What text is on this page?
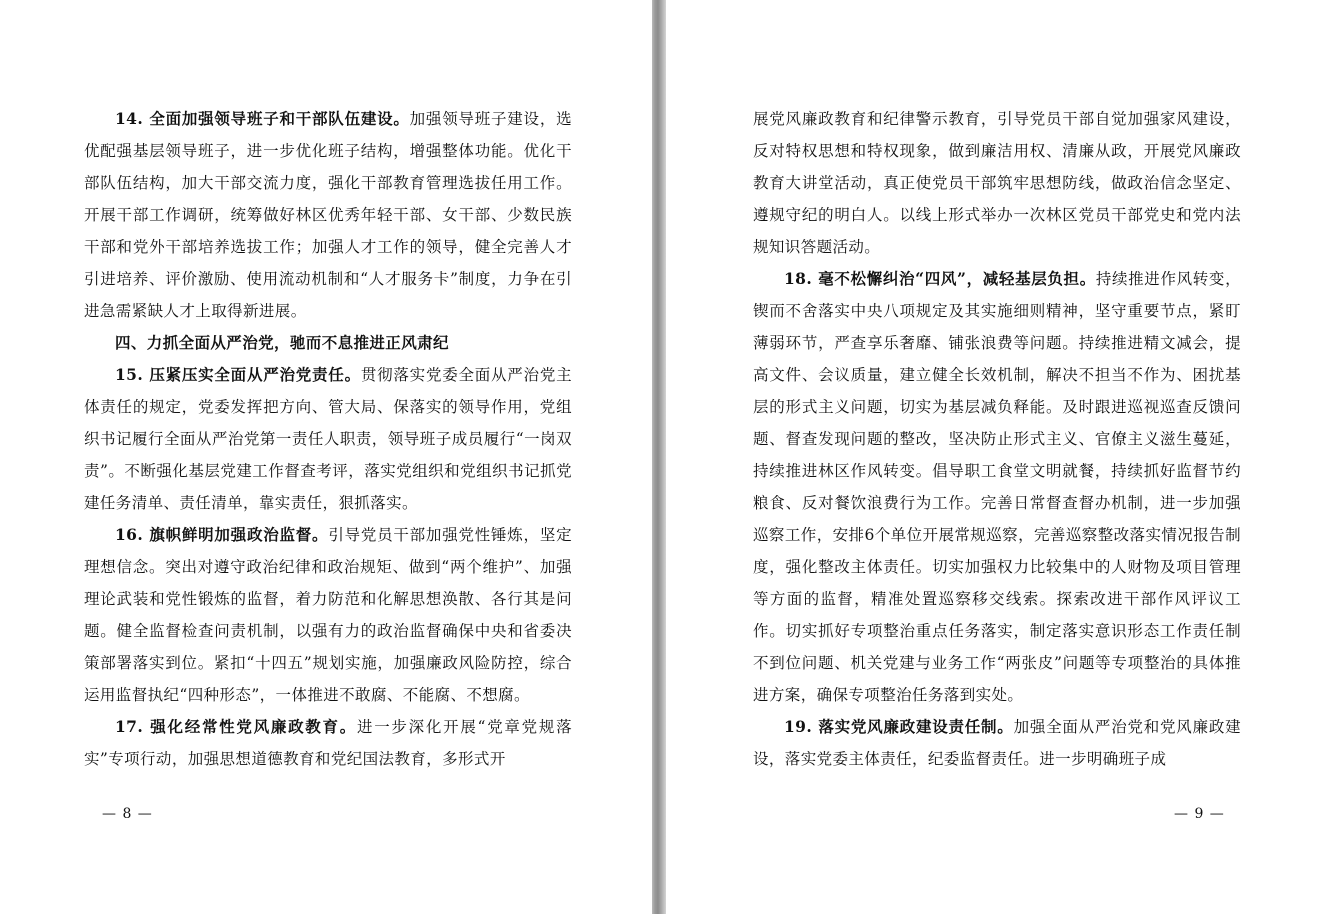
14. 全面加强领导班子和干部队伍建设。加强领导班子建设，选优配强基层领导班子，进一步优化班子结构，增强整体功能。优化干部队伍结构，加大干部交流力度，强化干部教育管理选拔任用工作。开展干部工作调研，统筹做好林区优秀年轻干部、女干部、少数民族干部和党外干部培养选拔工作；加强人才工作的领导，健全完善人才引进培养、评价激励、使用流动机制和“人才服务卡”制度，力争在引进急需紧缺人才上取得新进展。

四、力抓全面从严治党，驰而不息推进正风肃纪

15. 压紧压实全面从严治党责任。贯彻落实党委全面从严治党主体责任的规定，党委发挥把方向、管大局、保落实的领导作用，党组织书记履行全面从严治党第一责任人职责，领导班子成员履行“一岗双责”。不断强化基层党建工作督查考评，落实党组织和党组织书记抓党建任务清单、责任清单，靠实责任，狠抓落实。

16. 旗帜鲜明加强政治监督。引导党员干部加强党性锤炼，坚定理想信念。突出对遵守政治纪律和政治规矩、做到“两个维护”、加强理论武装和党性锻炼的监督，着力防范和化解思想涣散、各行其是问题。健全监督检查问责机制，以强有力的政治监督确保中央和省委决策部署落实到位。紧扣“十四五”规划实施，加强廉政风险防控，综合运用监督执纪“四种形态”，一体推进不敢腐、不能腐、不想腐。

17. 强化经常性党风廉政教育。进一步深化开展“党章党规落实”专项行动，加强思想道德教育和党纪国法教育，多形式开

— 8 —

展党风廉政教育和纪律警示教育，引导党员干部自觉加强家风建设，反对特权思想和特权现象，做到廉洁用权、清廉从政，开展党风廉政教育大讲堂活动，真正使党员干部筑牢思想防线，做政治信念坚定、遵规守纪的明白人。以线上形式举办一次林区党员干部党史和党内法规知识答题活动。

18. 毫不松懈纠治“四风”，减轻基层负担。持续推进作风转变，锲而不舍落实中央八项规定及其实施细则精神，坚守重要节点，紧盯薄弱环节，严查享乐奢靡、铺张浪费等问题。持续推进精文减会，提高文件、会议质量，建立健全长效机制，解决不担当不作为、困扰基层的形式主义问题，切实为基层减负释能。及时跟进巡视巡查反馈问题、督查发现问题的整改，坚决防止形式主义、官僚主义滋生蔓延，持续推进林区作风转变。倡导职工食堂文明就餐，持续抓好监督节约粮食、反对餐饮浪费行为工作。完善日常督查督办机制，进一步加强巡察工作，安排6个单位开展常规巡察，完善巡察整改落实情况报告制度，强化整改主体责任。切实加强权力比较集中的人财物及项目管理等方面的监督，精准处置巡察移交线索。探索改进干部作风评议工作。切实抓好专项整治重点任务落实，制定落实意识形态工作责任制不到位问题、机关党建与业务工作“两张皮”问题等专项整治的具体推进方案，确保专项整治任务落到实处。

19. 落实党风廉政建设责任制。加强全面从严治党和党风廉政建设，落实党委主体责任，纪委监督责任。进一步明确班子成

— 9 —
